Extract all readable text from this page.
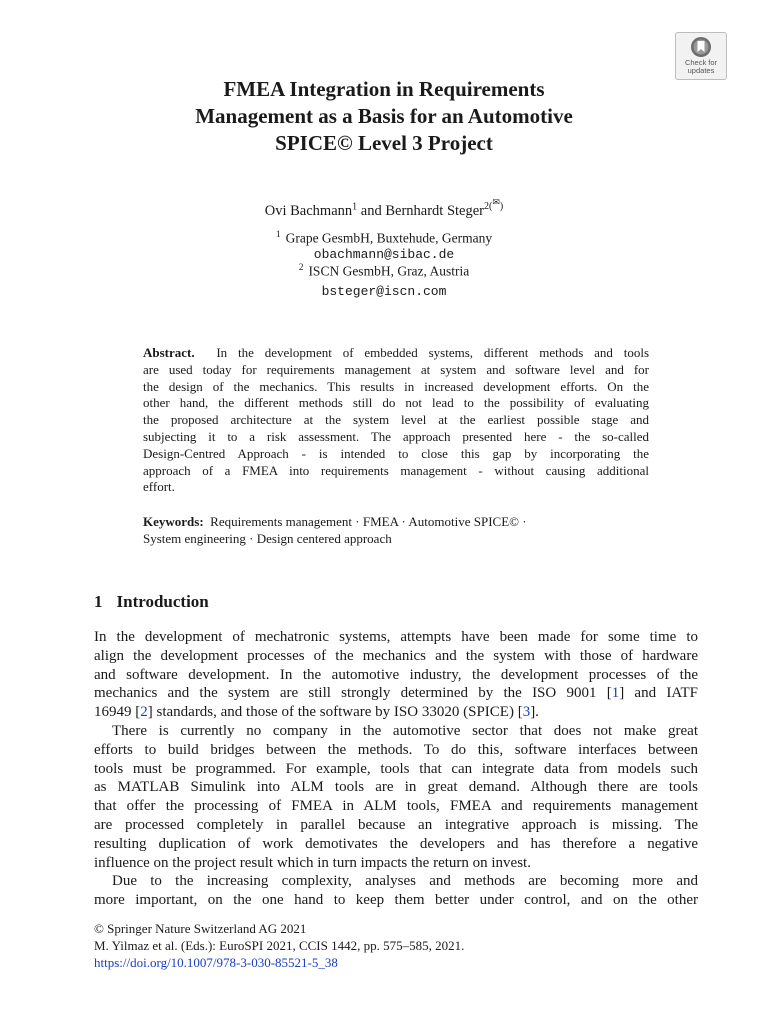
Check for
updates
FMEA Integration in Requirements
Management as a Basis for an Automotive
SPICE© Level 3 Project
Ovi Bachmann$^1$ and Bernhardt Steger$^{2(✉)}$
$^1$ Grape GesmbH, Buxtehude, Germany
obachmann@sibac.de
$^2$ ISCN GesmbH, Graz, Austria
bsteger@iscn.com

Abstract. In the development of embedded systems, different methods and tools

are used today for requirements management at system and software level and for

the design of the mechanics. This results in increased development efforts. On the

other hand, the different methods still do not lead to the possibility of evaluating

the proposed architecture at the system level at the earliest possible stage and

subjecting it to a risk assessment. The approach presented here - the so-called

Design-Centred Approach - is intended to close this gap by incorporating the

approach of a FMEA into requirements management - without causing additional

effort.

Keywords: Requirements management · FMEA · Automotive SPICE© ·
System engineering · Design centered approach
1 Introduction
In the development of mechatronic systems, attempts have been made for some time to
align the development processes of the mechanics and the system with those of hardware
and software development. In the automotive industry, the development processes of the
mechanics and the system are still strongly determined by the ISO 9001 [1] and IATF
16949 [2] standards, and those of the software by ISO 33020 (SPICE) [3].
There is currently no company in the automotive sector that does not make great
efforts to build bridges between the methods. To do this, software interfaces between
tools must be programmed. For example, tools that can integrate data from models such
as MATLAB Simulink into ALM tools are in great demand. Although there are tools
that offer the processing of FMEA in ALM tools, FMEA and requirements management
are processed completely in parallel because an integrative approach is missing. The
resulting duplication of work demotivates the developers and has therefore a negative
influence on the project result which in turn impacts the return on invest.
Due to the increasing complexity, analyses and methods are becoming more and
more important, on the one hand to keep them better under control, and on the other
© Springer Nature Switzerland AG 2021
M. Yilmaz et al. (Eds.): EuroSPI 2021, CCIS 1442, pp. 575–585, 2021.
https://doi.org/10.1007/978-3-030-85521-5_38
